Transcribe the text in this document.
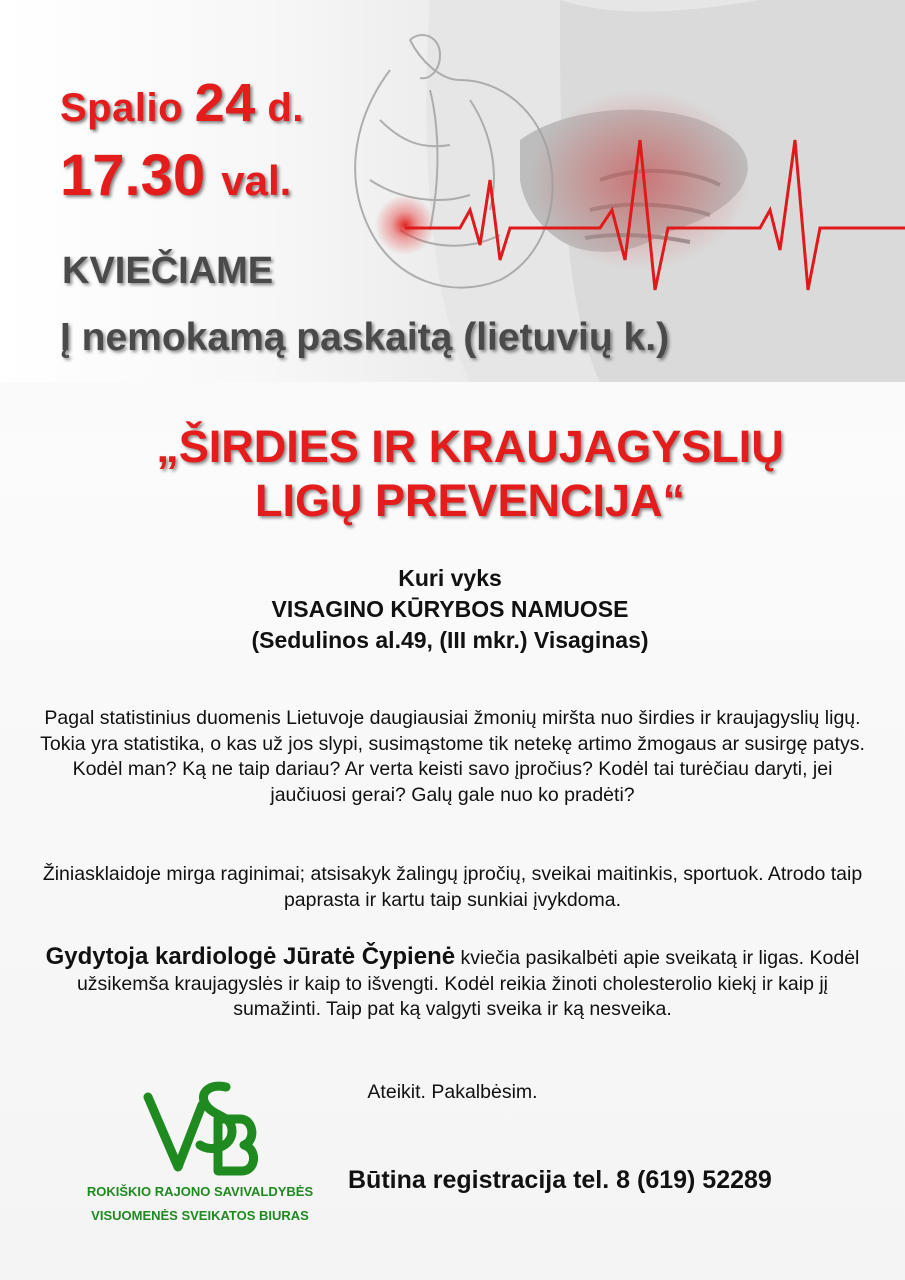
Spalio 24 d.
17.30 val.
KVIEČIAME
Į nemokamą paskaitą (lietuvių k.)
„ŠIRDIES IR KRAUJAGYSLIŲ
LIGŲ PREVENCIJA“
Kuri vyks
VISAGINO KŪRYBOS NAMUOSE
(Sedulinos al.49, (III mkr.) Visaginas)
Pagal statistinius duomenis Lietuvoje daugiausiai žmonių miršta nuo širdies ir kraujagyslių ligų. Tokia yra statistika, o kas už jos slypi, susimąstome tik netekę artimo žmogaus ar susirgę patys. Kodėl man? Ką ne taip dariau? Ar verta keisti savo įpročius? Kodėl tai turėčiau daryti, jei jaučiuosi gerai? Galų gale nuo ko pradėti?
Žiniasklaidoje mirga raginimai; atsisakyk žalingų įpročių, sveikai maitinkis, sportuok. Atrodo taip paprasta ir kartu taip sunkiai įvykdoma.
Gydytoja kardiologė Jūratė Čypienė kviečia pasikalbėti apie sveikatą ir ligas. Kodėl užsikemša kraujagyslės ir kaip to išvengti. Kodėl reikia žinoti cholesterolio kiekį ir kaip jį sumažinti. Taip pat ką valgyti sveika ir ką nesveika.
Ateikit. Pakalbėsim.
VSB
ROKIŠKIO RAJONO SAVIVALDYBĖS
VISUOMENĖS SVEIKATOS BIURAS
Būtina registracija tel. 8 (619) 52289
